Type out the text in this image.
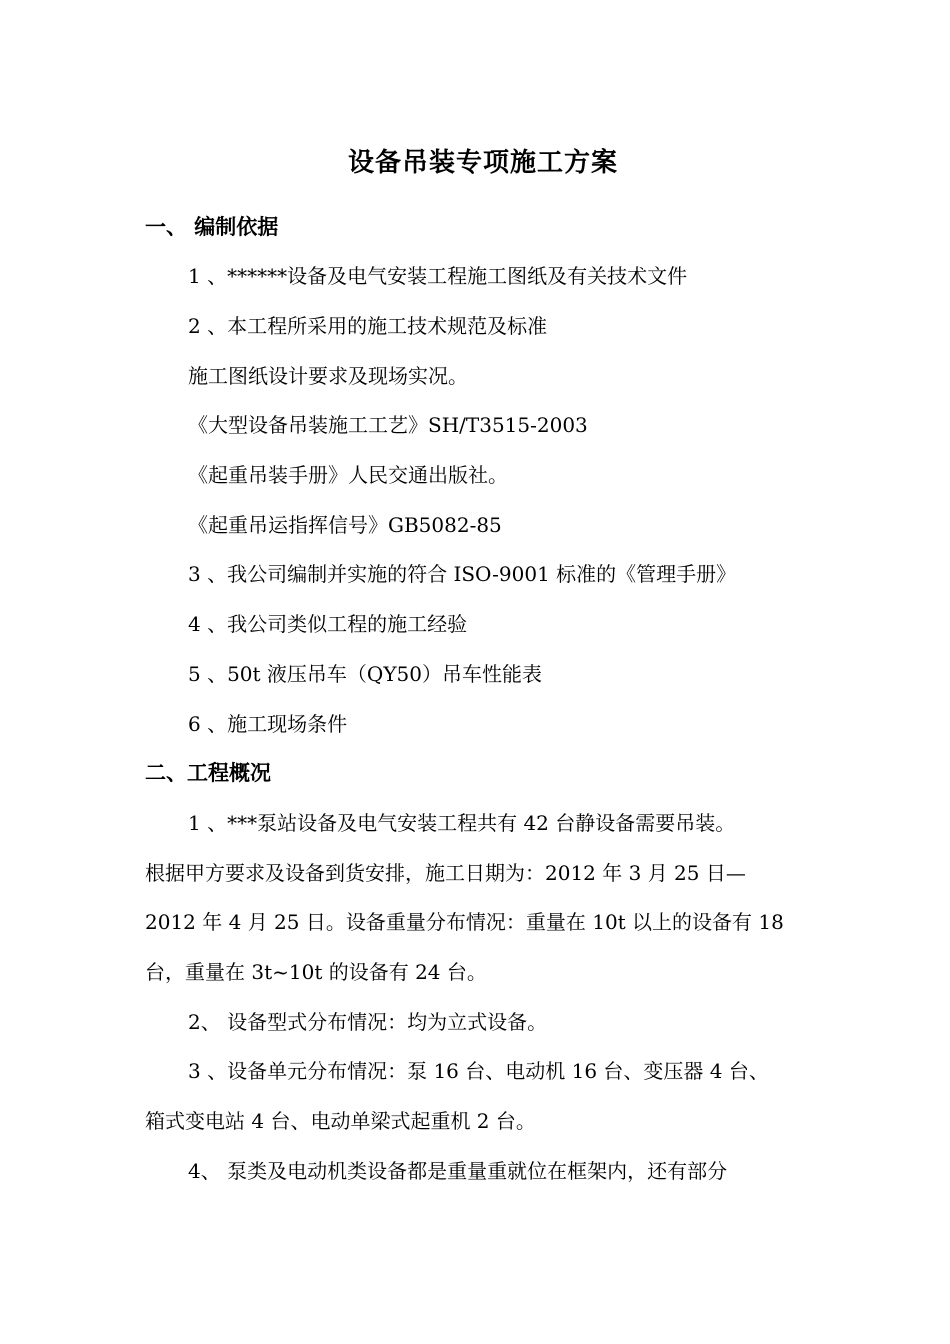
设备吊装专项施工方案
一、 编制依据
1 、******设备及电气安装工程施工图纸及有关技术文件
2 、本工程所采用的施工技术规范及标准
施工图纸设计要求及现场实况。
《大型设备吊装施工工艺》SH/T3515-2003
《起重吊装手册》人民交通出版社。
《起重吊运指挥信号》GB5082-85
3 、我公司编制并实施的符合 ISO-9001 标准的《管理手册》
4 、我公司类似工程的施工经验
5 、50t 液压吊车（QY50）吊车性能表
6 、施工现场条件
二、工程概况
1 、***泵站设备及电气安装工程共有 42 台静设备需要吊装。
根据甲方要求及设备到货安排，施工日期为：2012 年 3 月 25 日—
2012 年 4 月 25 日。设备重量分布情况：重量在 10t 以上的设备有 18
台，重量在 3t~10t 的设备有 24 台。
2、 设备型式分布情况：均为立式设备。
3 、设备单元分布情况：泵 16 台、电动机 16 台、变压器 4 台、
箱式变电站 4 台、电动单梁式起重机 2 台。
4、 泵类及电动机类设备都是重量重就位在框架内，还有部分
